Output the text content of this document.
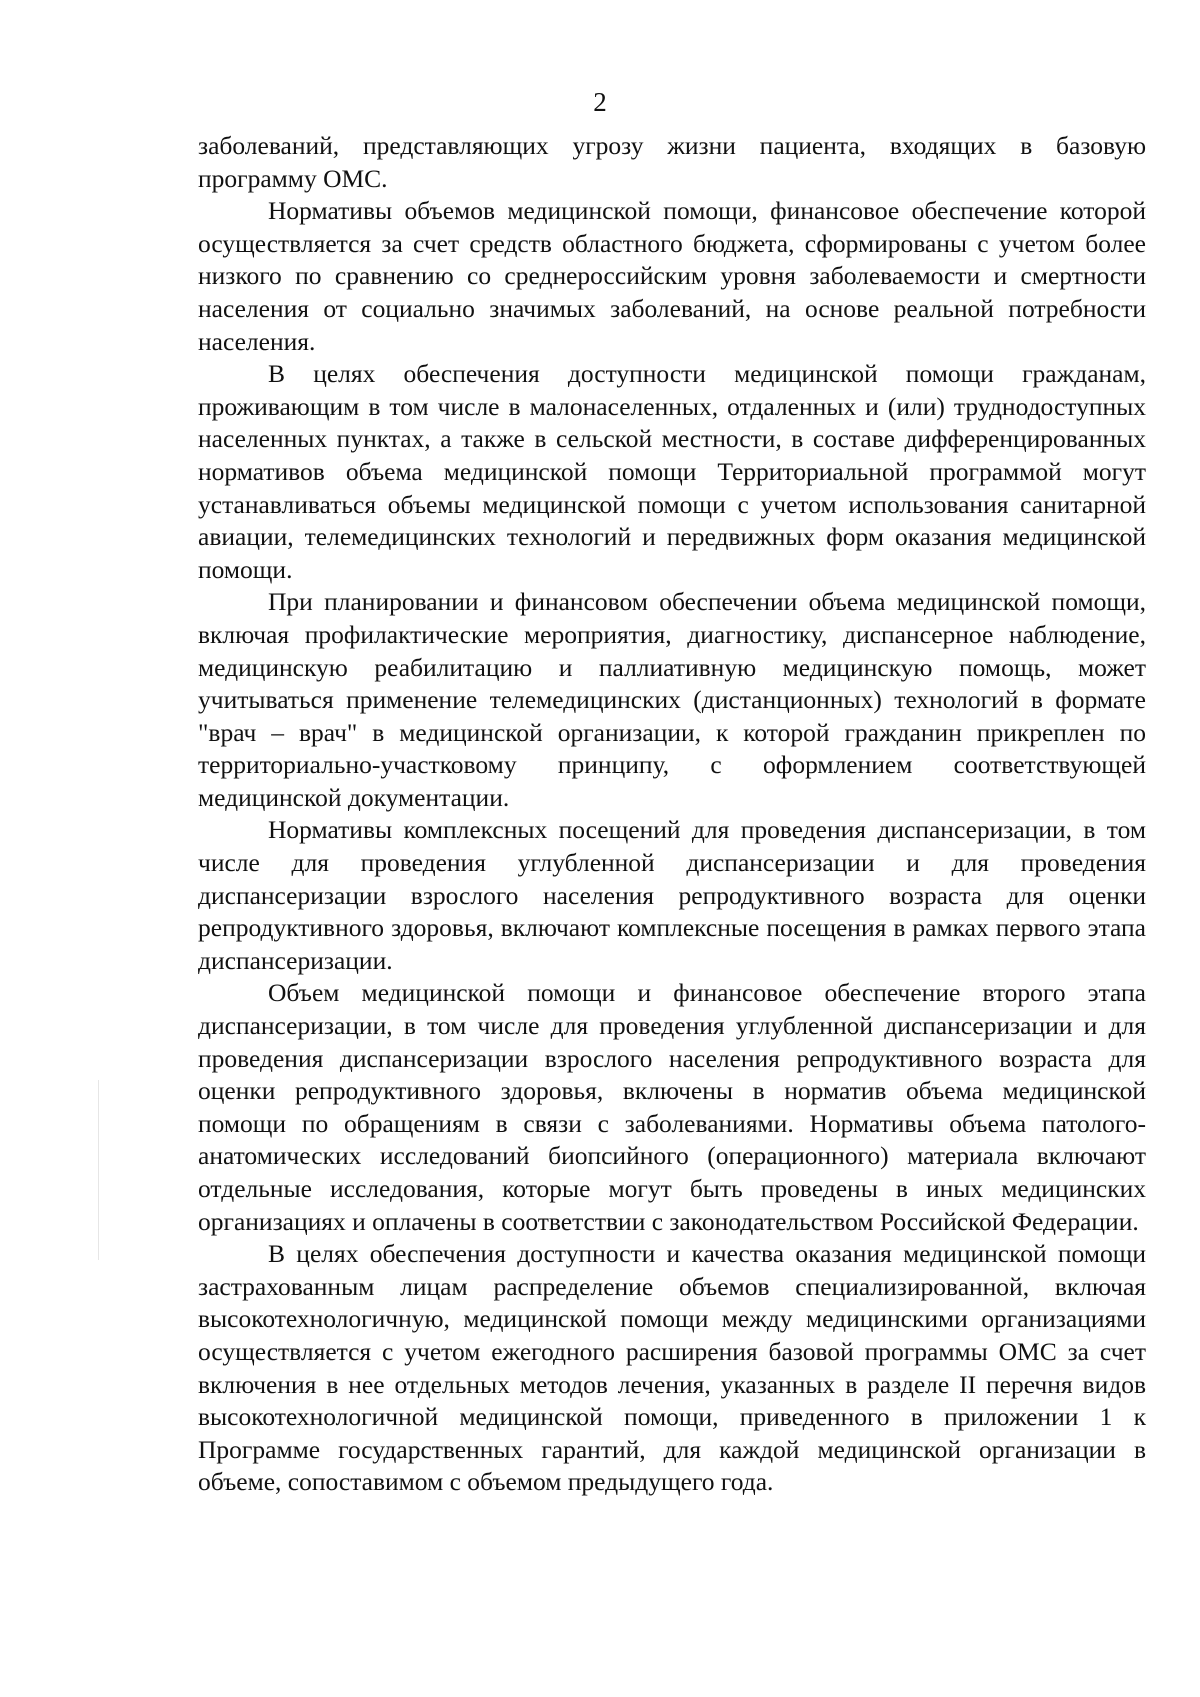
2

заболеваний, представляющих угрозу жизни пациента, входящих в базовую программу ОМС.

Нормативы объемов медицинской помощи, финансовое обеспечение которой осуществляется за счет средств областного бюджета, сформированы с учетом более низкого по сравнению со среднероссийским уровня заболеваемости и смертности населения от социально значимых заболеваний, на основе реальной потребности населения.

В целях обеспечения доступности медицинской помощи гражданам, проживающим в том числе в малонаселенных, отдаленных и (или) труднодоступных населенных пунктах, а также в сельской местности, в составе дифференцированных нормативов объема медицинской помощи Территориальной программой могут устанавливаться объемы медицинской помощи с учетом использования санитарной авиации, телемедицинских технологий и передвижных форм оказания медицинской помощи.

При планировании и финансовом обеспечении объема медицинской помощи, включая профилактические мероприятия, диагностику, диспансерное наблюдение, медицинскую реабилитацию и паллиативную медицинскую помощь, может учитываться применение телемедицинских (дистанционных) технологий в формате "врач – врач" в медицинской организации, к которой гражданин прикреплен по территориально-участковому принципу, с оформлением соответствующей медицинской документации.

Нормативы комплексных посещений для проведения диспансеризации, в том числе для проведения углубленной диспансеризации и для проведения диспансеризации взрослого населения репродуктивного возраста для оценки репродуктивного здоровья, включают комплексные посещения в рамках первого этапа диспансеризации.

Объем медицинской помощи и финансовое обеспечение второго этапа диспансеризации, в том числе для проведения углубленной диспансеризации и для проведения диспансеризации взрослого населения репродуктивного возраста для оценки репродуктивного здоровья, включены в норматив объема медицинской помощи по обращениям в связи с заболеваниями. Нормативы объема патолого-анатомических исследований биопсийного (операционного) материала включают отдельные исследования, которые могут быть проведены в иных медицинских организациях и оплачены в соответствии с законодательством Российской Федерации.

В целях обеспечения доступности и качества оказания медицинской помощи застрахованным лицам распределение объемов специализированной, включая высокотехнологичную, медицинской помощи между медицинскими организациями осуществляется с учетом ежегодного расширения базовой программы ОМС за счет включения в нее отдельных методов лечения, указанных в разделе II перечня видов высокотехнологичной медицинской помощи, приведенного в приложении 1 к Программе государственных гарантий, для каждой медицинской организации в объеме, сопоставимом с объемом предыдущего года.
